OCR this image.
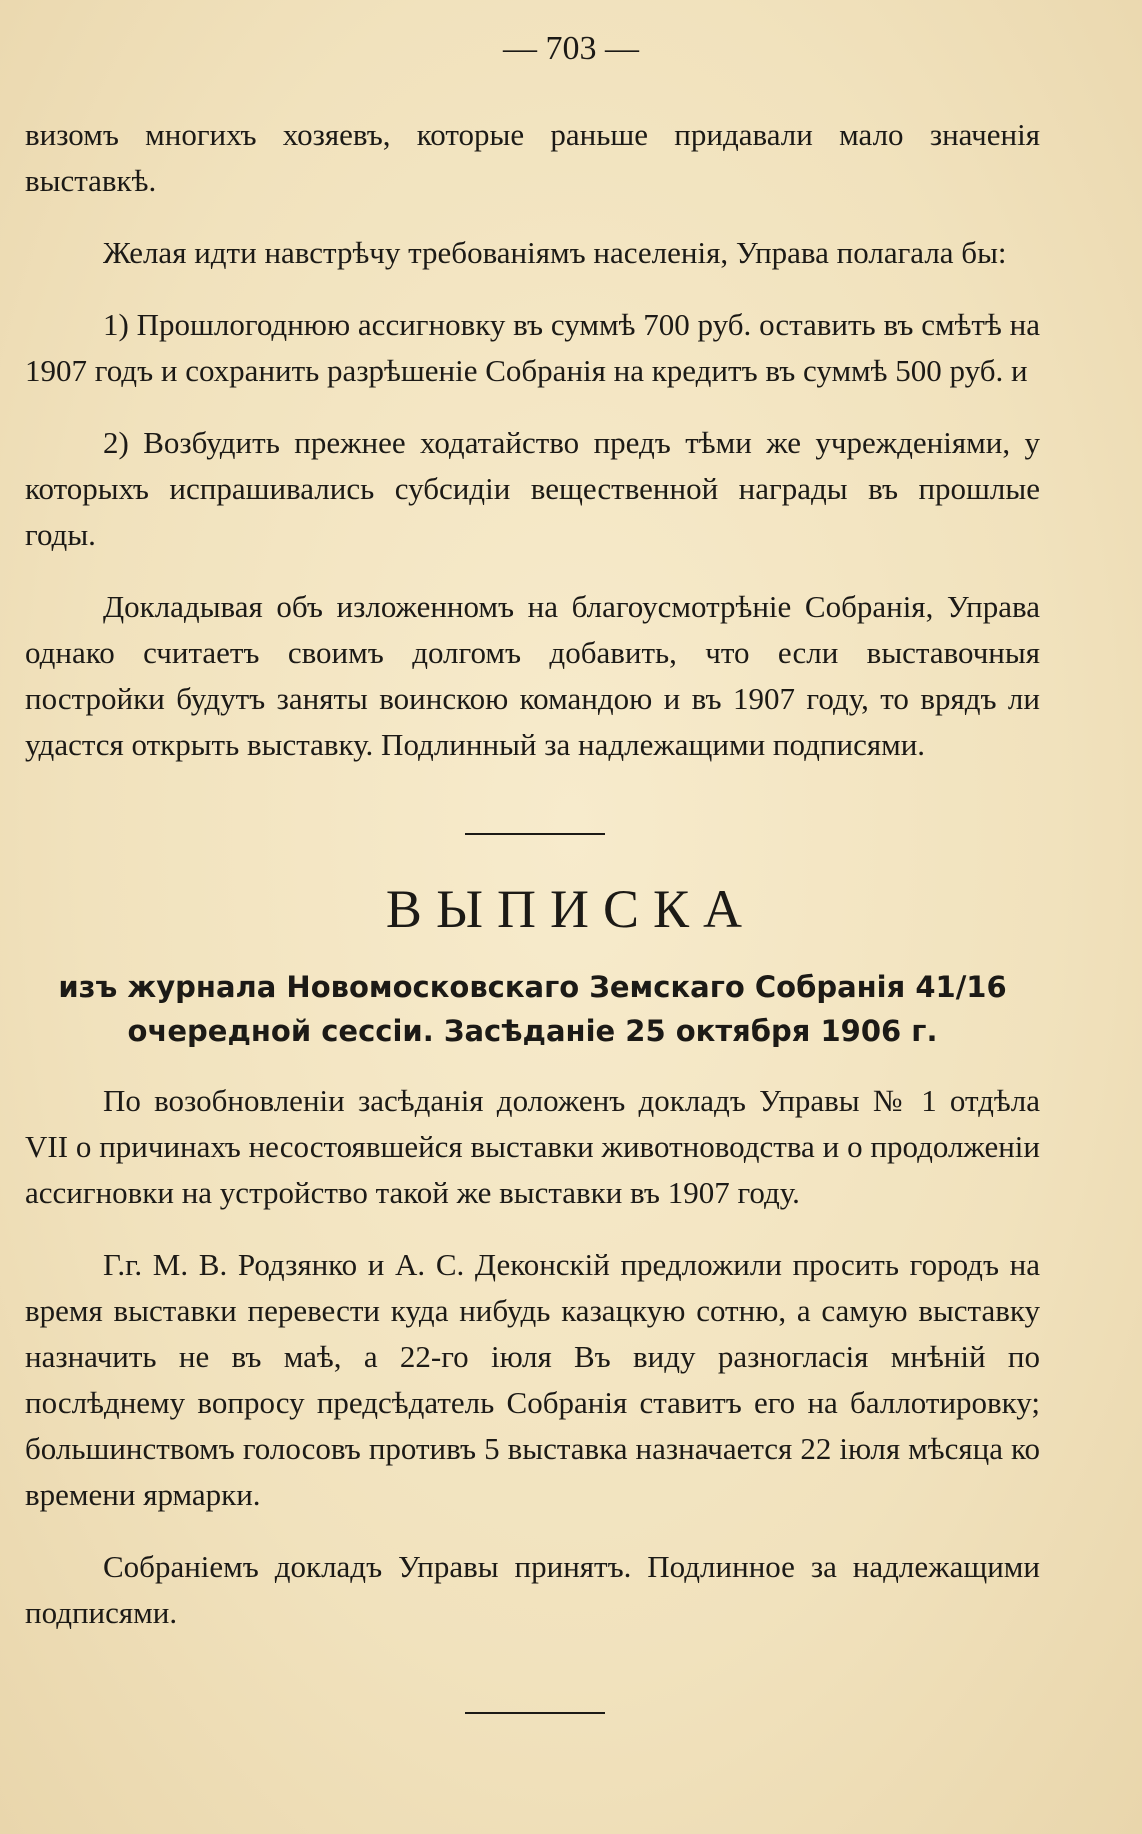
— 703 —

визомъ многихъ хозяевъ, которые раньше придавали мало значенія выставкѣ.

Желая идти навстрѣчу требованіямъ населенія, Управа полагала бы:

1) Прошлогоднюю ассигновку въ суммѣ 700 руб. оставить въ смѣтѣ на 1907 годъ и сохранить разрѣшеніе Собранія на кредитъ въ суммѣ 500 руб. и

2) Возбудить прежнее ходатайство предъ тѣми же учрежденіями, у которыхъ испрашивались субсидіи вещественной награды въ прошлые годы.

Докладывая объ изложенномъ на благоусмотрѣніе Собранія, Управа однако считаетъ своимъ долгомъ добавить, что если выставочныя постройки будутъ заняты воинскою командою и въ 1907 году, то врядъ ли удастся открыть выставку. Подлинный за надлежащими подписями.

ВЫПИСКА
изъ журнала Новомосковскаго Земскаго Собранія 41/16 очередной сессіи. Засѣданіе 25 октября 1906 г.

По возобновленіи засѣданія доложенъ докладъ Управы № 1 отдѣла VII о причинахъ несостоявшейся выставки животноводства и о продолженіи ассигновки на устройство такой же выставки въ 1907 году.

Г.г. М. В. Родзянко и А. С. Деконскій предложили просить городъ на время выставки перевести куда нибудь казацкую сотню, а самую выставку назначить не въ маѣ, а 22-го іюля Въ виду разногласія мнѣній по послѣднему вопросу предсѣдатель Собранія ставитъ его на баллотировку; большинствомъ голосовъ противъ 5 выставка назначается 22 іюля мѣсяца ко времени ярмарки.

Собраніемъ докладъ Управы принятъ. Подлинное за надлежащими подписями.
